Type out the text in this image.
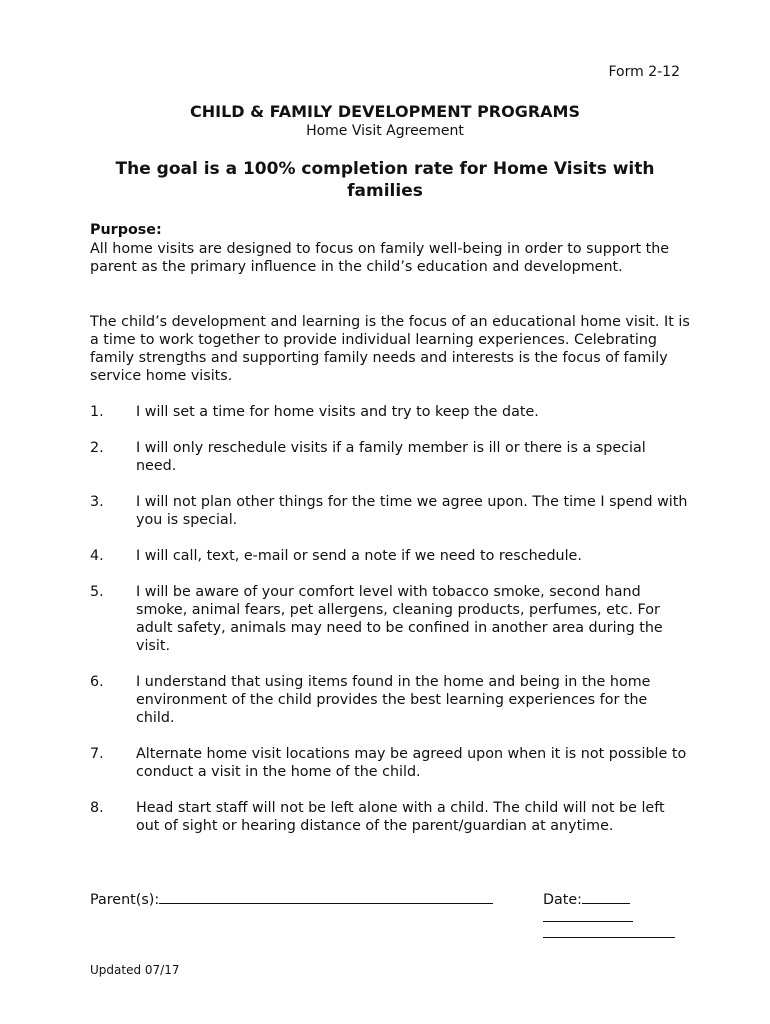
Form 2-12
CHILD & FAMILY DEVELOPMENT PROGRAMS
Home Visit Agreement
The goal is a 100% completion rate for Home Visits with families
Purpose:
All home visits are designed to focus on family well-being in order to support the parent as the primary influence in the child’s education and development.
The child’s development and learning is the focus of an educational home visit. It is a time to work together to provide individual learning experiences. Celebrating family strengths and supporting family needs and interests is the focus of family service home visits.
1.	I will set a time for home visits and try to keep the date.
2.	I will only reschedule visits if a family member is ill or there is a special need.
3.	I will not plan other things for the time we agree upon. The time I spend with you is special.
4.	I will call, text, e-mail or send a note if we need to reschedule.
5.	I will be aware of your comfort level with tobacco smoke, second hand smoke, animal fears, pet allergens, cleaning products, perfumes, etc. For adult safety, animals may need to be confined in another area during the visit.
6.	I understand that using items found in the home and being in the home environment of the child provides the best learning experiences for the child.
7.	Alternate home visit locations may be agreed upon when it is not possible to conduct a visit in the home of the child.
8.	Head start staff will not be left alone with a child. The child will not be left out of sight or hearing distance of the parent/guardian at anytime.
Parent(s):	Date:
Updated 07/17
